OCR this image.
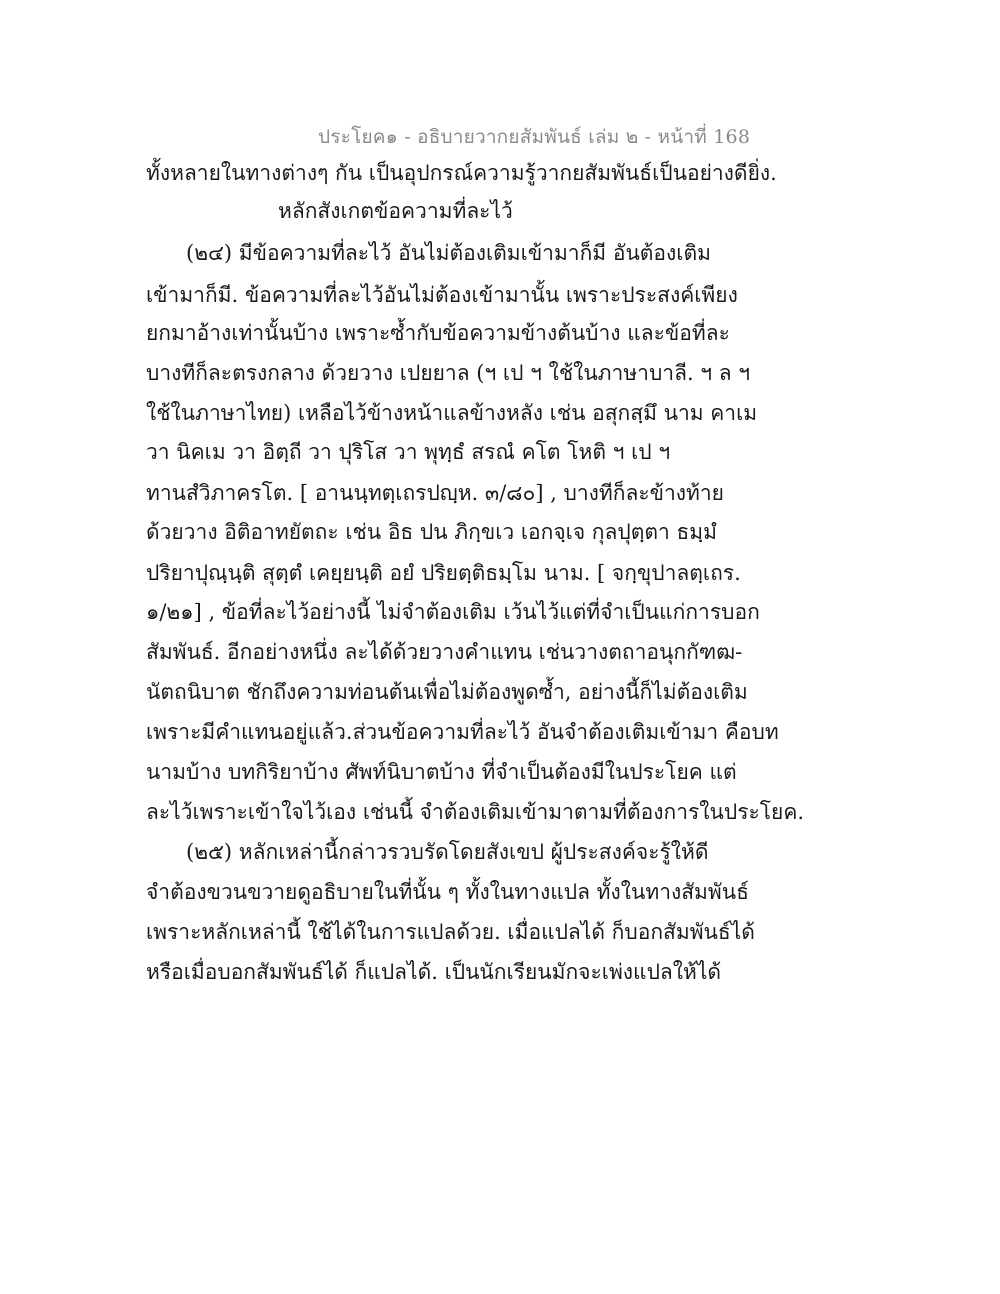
ประโยค๑ - อธิบายวากยสัมพันธ์ เล่ม ๒ - หน้าที่ 168
ทั้งหลายในทางต่างๆ กัน เป็นอุปกรณ์ความรู้วากยสัมพันธ์เป็นอย่างดียิ่ง.
หลักสังเกตข้อความที่ละไว้
(๒๔) มีข้อความที่ละไว้ อันไม่ต้องเติมเข้ามาก็มี อันต้องเติม
เข้ามาก็มี. ข้อความที่ละไว้อันไม่ต้องเข้ามานั้น เพราะประสงค์เพียง
ยกมาอ้างเท่านั้นบ้าง เพราะซ้ำกับข้อความข้างต้นบ้าง และข้อที่ละ
บางทีก็ละตรงกลาง ด้วยวาง เปยยาล (ฯ เป ฯ ใช้ในภาษาบาลี. ฯ ล ฯ
ใช้ในภาษาไทย) เหลือไว้ข้างหน้าแลข้างหลัง เช่น อสุกสฺมึ นาม คาเม
วา นิคเม วา อิตฺถี วา ปุริโส วา พุทฺธํ สรณํ คโต โหติ ฯ เป ฯ
ทานสํวิภาครโต. [ อานนฺทตฺเถรปญฺห. ๓/๘๐] , บางทีก็ละข้างท้าย
ด้วยวาง อิติอาทยัตถะ เช่น อิธ ปน ภิกฺขเว เอกจฺเจ กุลปุตฺตา ธมฺมํ
ปริยาปุณฺนฺติ สุตฺตํ เคยฺยนฺติ อยํ ปริยตฺติธมฺโม นาม. [ จกฺขุปาลตฺเถร.
๑/๒๑] , ข้อที่ละไว้อย่างนี้ ไม่จำต้องเติม เว้นไว้แต่ที่จำเป็นแก่การบอก
สัมพันธ์. อีกอย่างหนึ่ง ละได้ด้วยวางคำแทน เช่นวางตถาอนุกกัฑฒ-
นัตถนิบาต ชักถึงความท่อนต้นเพื่อไม่ต้องพูดซ้ำ, อย่างนี้ก็ไม่ต้องเติม
เพราะมีคำแทนอยู่แล้ว.ส่วนข้อความที่ละไว้ อันจำต้องเติมเข้ามา คือบท
นามบ้าง บทกิริยาบ้าง ศัพท์นิบาตบ้าง ที่จำเป็นต้องมีในประโยค แต่
ละไว้เพราะเข้าใจไว้เอง เช่นนี้ จำต้องเติมเข้ามาตามที่ต้องการในประโยค.
(๒๕) หลักเหล่านี้กล่าวรวบรัดโดยสังเขป ผู้ประสงค์จะรู้ให้ดี
จำต้องขวนขวายดูอธิบายในที่นั้น ๆ ทั้งในทางแปล ทั้งในทางสัมพันธ์
เพราะหลักเหล่านี้ ใช้ได้ในการแปลด้วย. เมื่อแปลได้ ก็บอกสัมพันธ์ได้
หรือเมื่อบอกสัมพันธ์ได้ ก็แปลได้. เป็นนักเรียนมักจะเพ่งแปลให้ได้
